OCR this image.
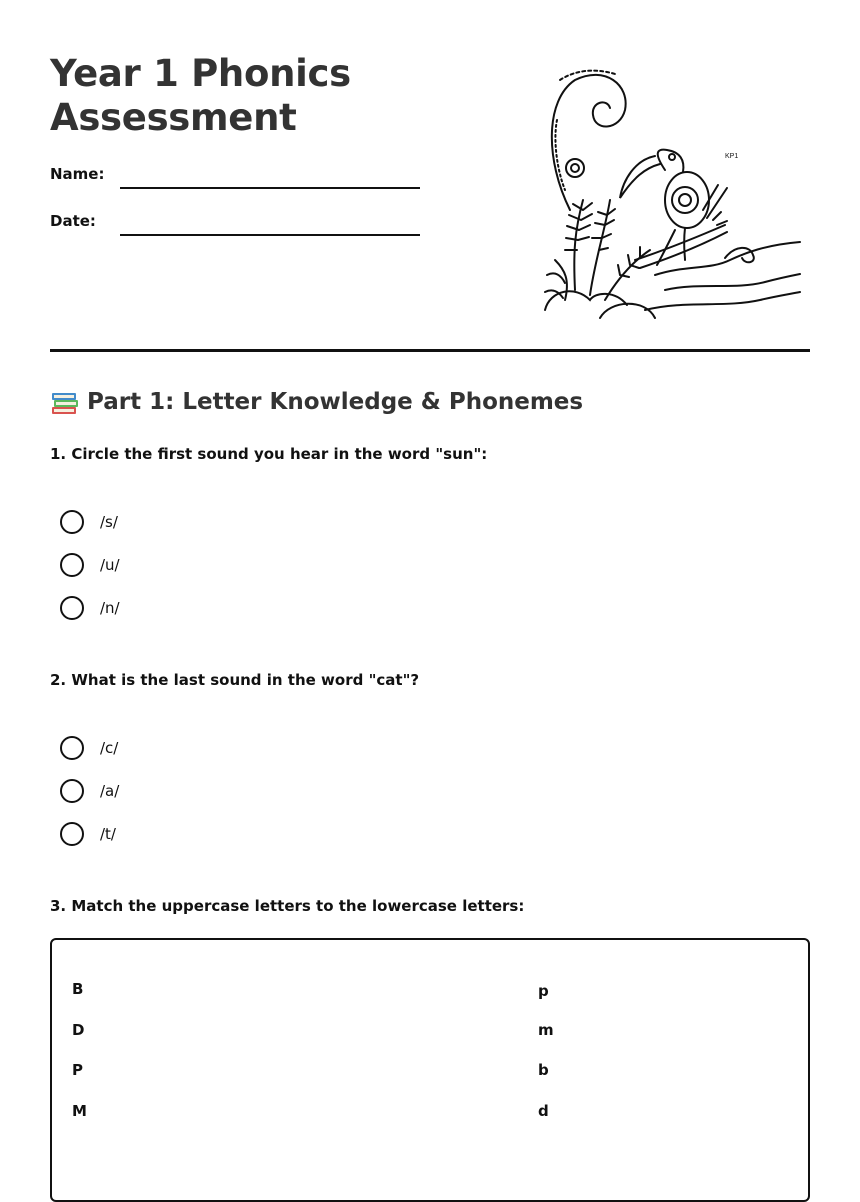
Year 1 Phonics
Assessment
Name:
Date:
KP1
Part 1: Letter Knowledge & Phonemes
1. Circle the first sound you hear in the word "sun":
/s/
/u/
/n/
2. What is the last sound in the word "cat"?
/c/
/a/
/t/
3. Match the uppercase letters to the lowercase letters:
B
D
P
M
p
m
b
d
